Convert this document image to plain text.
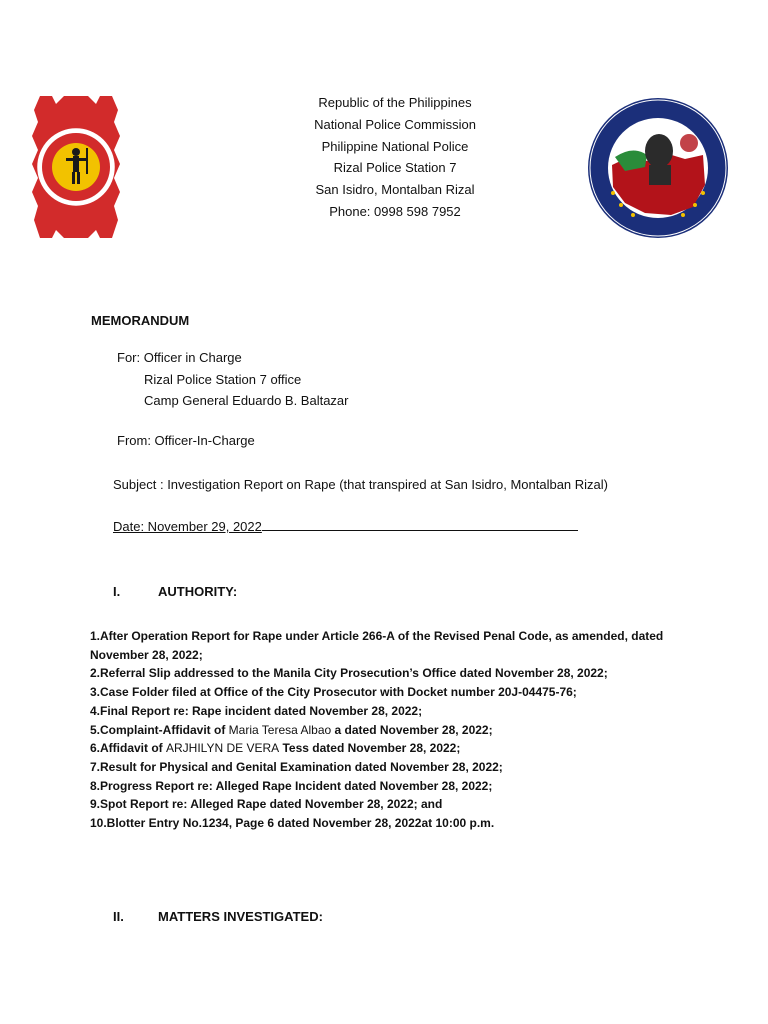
Republic of the Philippines
National Police Commission
Philippine National Police
Rizal Police Station 7
San Isidro, Montalban Rizal
Phone: 0998 598 7952
MEMORANDUM
For: Officer in Charge
Rizal Police Station 7 office
Camp General Eduardo B. Baltazar
From: Officer-In-Charge
Subject : Investigation Report on Rape (that transpired at San Isidro, Montalban Rizal)
Date: November 29, 2022
I.	AUTHORITY:
1.After Operation Report for Rape under Article 266-A of the Revised Penal Code, as amended, dated
November 28, 2022;
2.Referral Slip addressed to the Manila City Prosecution’s Office dated November 28, 2022;
3.Case Folder filed at Office of the City Prosecutor with Docket number 20J-04475-76;
4.Final Report re: Rape incident dated November 28, 2022;
5.Complaint-Affidavit of Maria Teresa Albao a dated November 28, 2022;
6.Affidavit of ARJHILYN DE VERA Tess dated November 28, 2022;
7.Result for Physical and Genital Examination dated November 28, 2022;
8.Progress Report re: Alleged Rape Incident dated November 28, 2022;
9.Spot Report re: Alleged Rape dated November 28, 2022; and
10.Blotter Entry No.1234, Page 6 dated November 28, 2022at 10:00 p.m.
II.	MATTERS INVESTIGATED:
